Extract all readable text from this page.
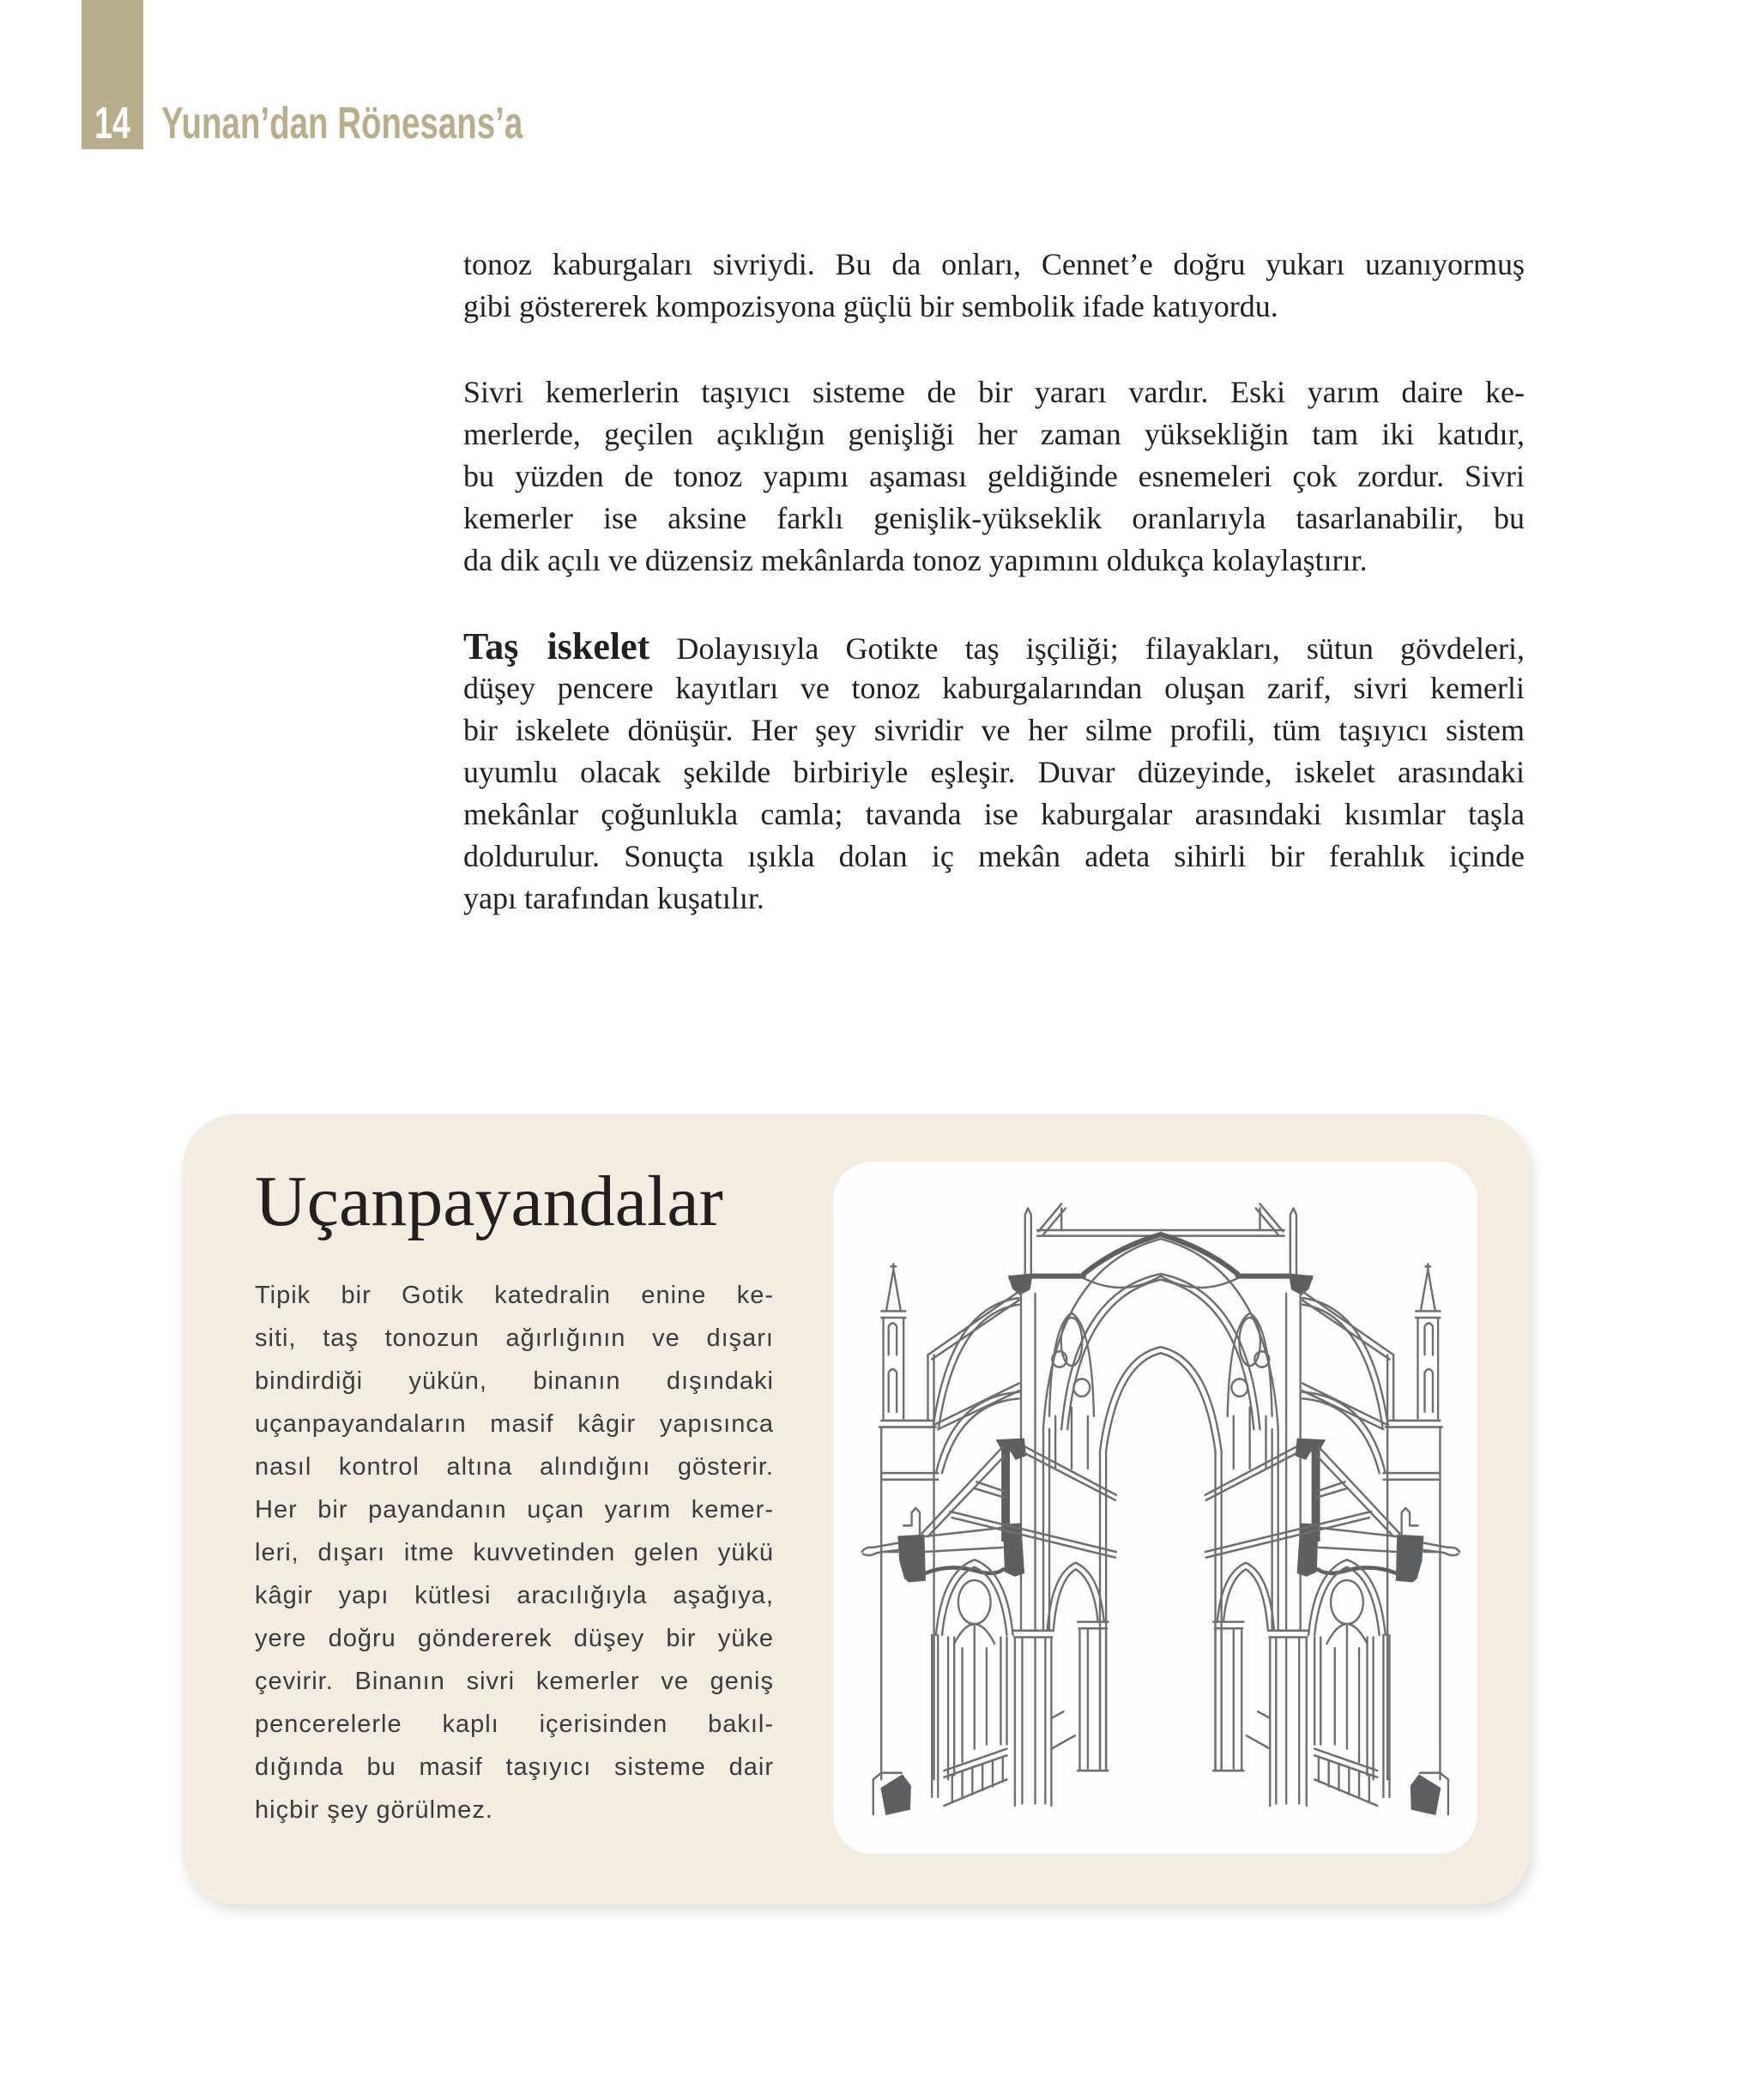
14 Yunan’dan Rönesans’a
tonoz kaburgaları sivriydi. Bu da onları, Cennet’e doğru yukarı uzanıyormuş
gibi göstererek kompozisyona güçlü bir sembolik ifade katıyordu.
Sivri kemerlerin taşıyıcı sisteme de bir yararı vardır. Eski yarım daire ke-
merlerde, geçilen açıklığın genişliği her zaman yüksekliğin tam iki katıdır,
bu yüzden de tonoz yapımı aşaması geldiğinde esnemeleri çok zordur. Sivri
kemerler ise aksine farklı genişlik-yükseklik oranlarıyla tasarlanabilir, bu
da dik açılı ve düzensiz mekânlarda tonoz yapımını oldukça kolaylaştırır.
Taş iskelet Dolayısıyla Gotikte taş işçiliği; filayakları, sütun gövdeleri,
düşey pencere kayıtları ve tonoz kaburgalarından oluşan zarif, sivri kemerli
bir iskelete dönüşür. Her şey sivridir ve her silme profili, tüm taşıyıcı sistem
uyumlu olacak şekilde birbiriyle eşleşir. Duvar düzeyinde, iskelet arasındaki
mekânlar çoğunlukla camla; tavanda ise kaburgalar arasındaki kısımlar taşla
doldurulur. Sonuçta ışıkla dolan iç mekân adeta sihirli bir ferahlık içinde
yapı tarafından kuşatılır.
Uçanpayandalar
Tipik bir Gotik katedralin enine ke-
siti, taş tonozun ağırlığının ve dışarı
bindirdiği yükün, binanın dışındaki
uçanpayandaların masif kâgir yapısınca
nasıl kontrol altına alındığını gösterir.
Her bir payandanın uçan yarım kemer-
leri, dışarı itme kuvvetinden gelen yükü
kâgir yapı kütlesi aracılığıyla aşağıya,
yere doğru göndererek düşey bir yüke
çevirir. Binanın sivri kemerler ve geniş
pencerelerle kaplı içerisinden bakıl-
dığında bu masif taşıyıcı sisteme dair
hiçbir şey görülmez.
